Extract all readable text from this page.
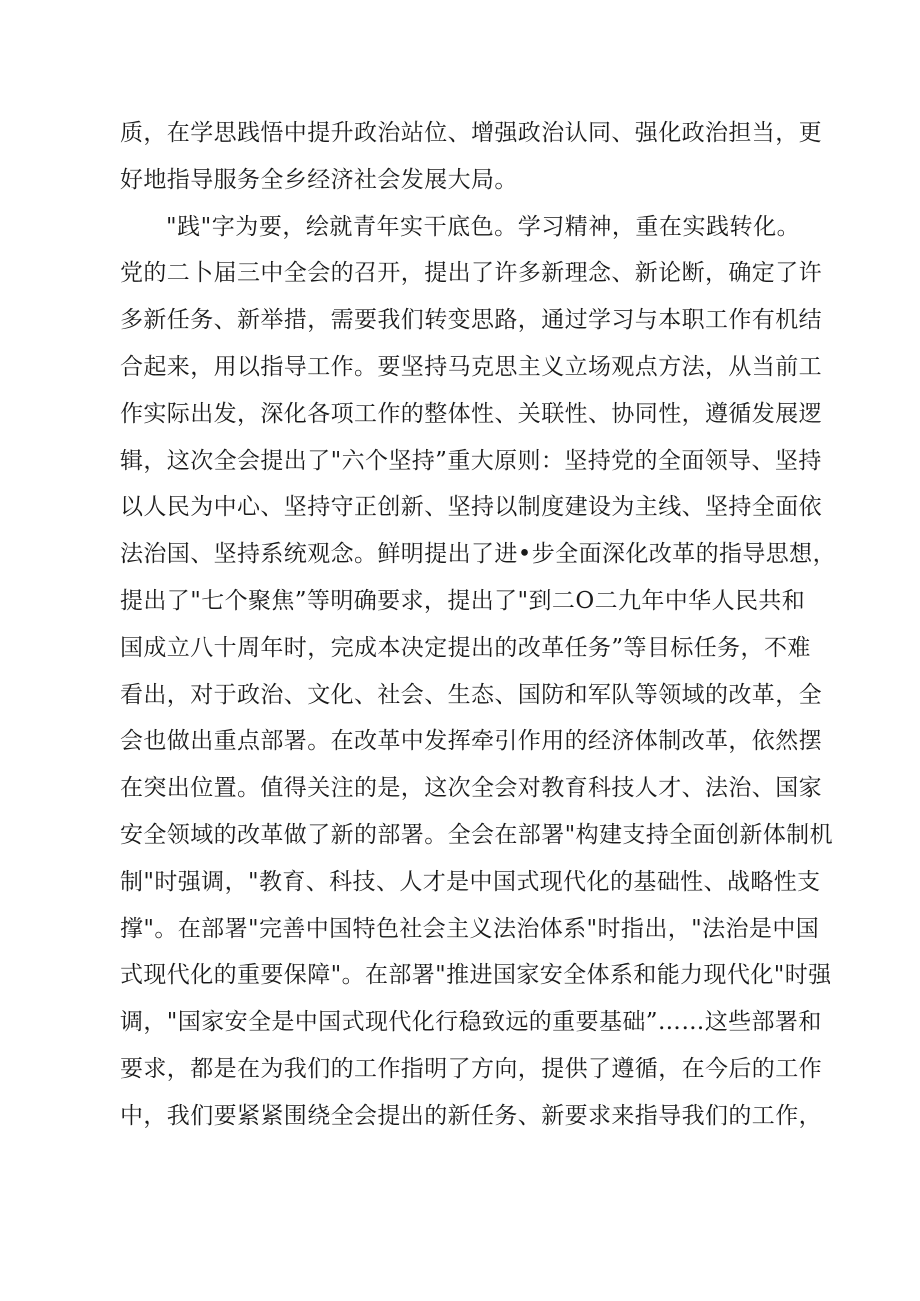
质，在学思践悟中提升政治站位、增强政治认同、强化政治担当，更
好地指导服务全乡经济社会发展大局。
"践"字为要，绘就青年实干底色。学习精神，重在实践转化。
党的二卜届三中全会的召开，提出了许多新理念、新论断，确定了许
多新任务、新举措，需要我们转变思路，通过学习与本职工作有机结
合起来，用以指导工作。要坚持马克思主义立场观点方法，从当前工
作实际出发，深化各项工作的整体性、关联性、协同性，遵循发展逻
辑，这次全会提出了"六个坚持”重大原则：坚持党的全面领导、坚持
以人民为中心、坚持守正创新、坚持以制度建设为主线、坚持全面依
法治国、坚持系统观念。鲜明提出了进•步全面深化改革的指导思想，
提出了"七个聚焦”等明确要求，提出了"到二O二九年中华人民共和
国成立八十周年时，完成本决定提出的改革任务”等目标任务，不难
看出，对于政治、文化、社会、生态、国防和军队等领域的改革，全
会也做出重点部署。在改革中发挥牵引作用的经济体制改革，依然摆
在突出位置。值得关注的是，这次全会对教育科技人才、法治、国家
安全领域的改革做了新的部署。全会在部署"构建支持全面创新体制机
制"时强调，"教育、科技、人才是中国式现代化的基础性、战略性支
撑"。在部署"完善中国特色社会主义法治体系"时指出，"法治是中国
式现代化的重要保障"。在部署"推进国家安全体系和能力现代化"时强
调，"国家安全是中国式现代化行稳致远的重要基础”……这些部署和
要求，都是在为我们的工作指明了方向，提供了遵循，在今后的工作
中，我们要紧紧围绕全会提出的新任务、新要求来指导我们的工作，
